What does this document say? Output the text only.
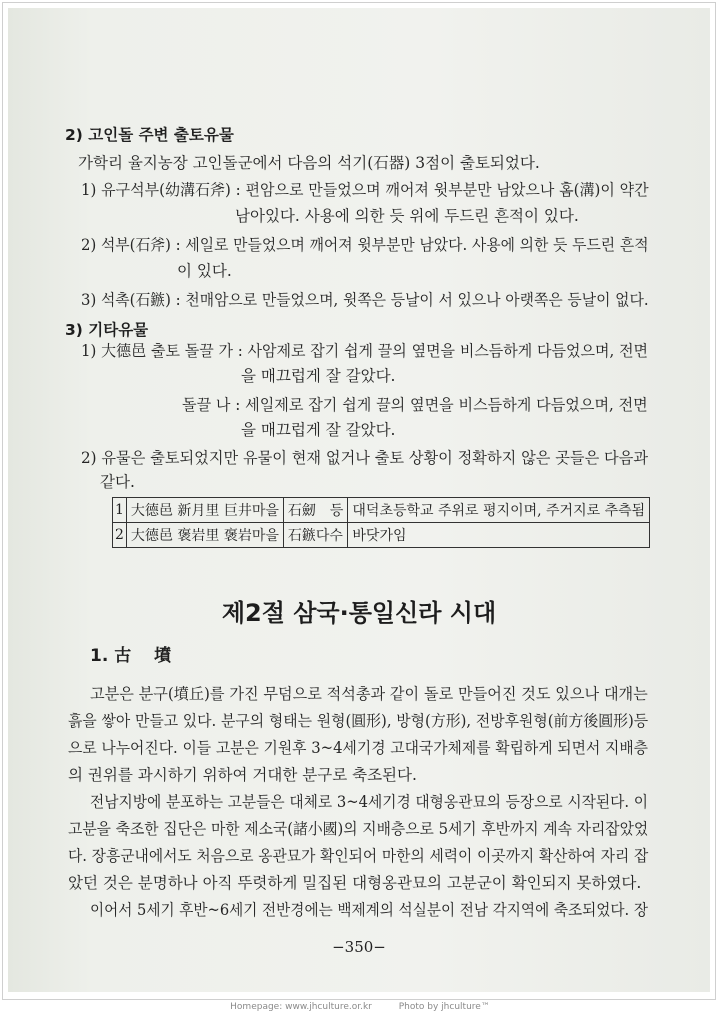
2) 고인돌 주변 출토유물
가학리 율지농장 고인돌군에서 다음의 석기(石器) 3점이 출토되었다.
1) 유구석부(幼溝石斧) : 편암으로 만들었으며 깨어져 윗부분만 남았으나 홈(溝)이 약간
남아있다. 사용에 의한 듯 위에 두드린 흔적이 있다.
2) 석부(石斧) : 세일로 만들었으며 깨어져 윗부분만 남았다. 사용에 의한 듯 두드린 흔적
이 있다.
3) 석촉(石鏃) : 천매암으로 만들었으며, 윗쪽은 등날이 서 있으나 아랫쪽은 등날이 없다.
3) 기타유물
1) 大德邑 출토 돌끌 가 : 사암제로 잡기 쉽게 끌의 옆면을 비스듬하게 다듬었으며, 전면
을 매끄럽게 잘 갈았다.
돌끌 나 : 세일제로 잡기 쉽게 끌의 옆면을 비스듬하게 다듬었으며, 전면
을 매끄럽게 잘 갈았다.
2) 유물은 출토되었지만 유물이 현재 없거나 출토 상황이 정확하지 않은 곳들은 다음과
같다.
1	大德邑 新月里 巨井마을	石劒　등	대덕초등학교 주위로 평지이며, 주거지로 추측됨
2	大德邑 褒岩里 褒岩마을	石鏃다수	바닷가임
제2절 삼국·통일신라 시대
1. 古　 墳
고분은 분구(墳丘)를 가진 무덤으로 적석총과 같이 돌로 만들어진 것도 있으나 대개는
흙을 쌓아 만들고 있다. 분구의 형태는 원형(圓形), 방형(方形), 전방후원형(前方後圓形)등
으로 나누어진다. 이들 고분은 기원후 3~4세기경 고대국가체제를 확립하게 되면서 지배층
의 권위를 과시하기 위하여 거대한 분구로 축조된다.
전남지방에 분포하는 고분들은 대체로 3~4세기경 대형옹관묘의 등장으로 시작된다. 이
고분을 축조한 집단은 마한 제소국(諸小國)의 지배층으로 5세기 후반까지 계속 자리잡았었
다. 장흥군내에서도 처음으로 옹관묘가 확인되어 마한의 세력이 이곳까지 확산하여 자리 잡
았던 것은 분명하나 아직 뚜렷하게 밀집된 대형옹관묘의 고분군이 확인되지 못하였다.
이어서 5세기 후반~6세기 전반경에는 백제계의 석실분이 전남 각지역에 축조되었다. 장
−350−
Homepage: www.jhculture.or.kr	Photo by jhculture™
